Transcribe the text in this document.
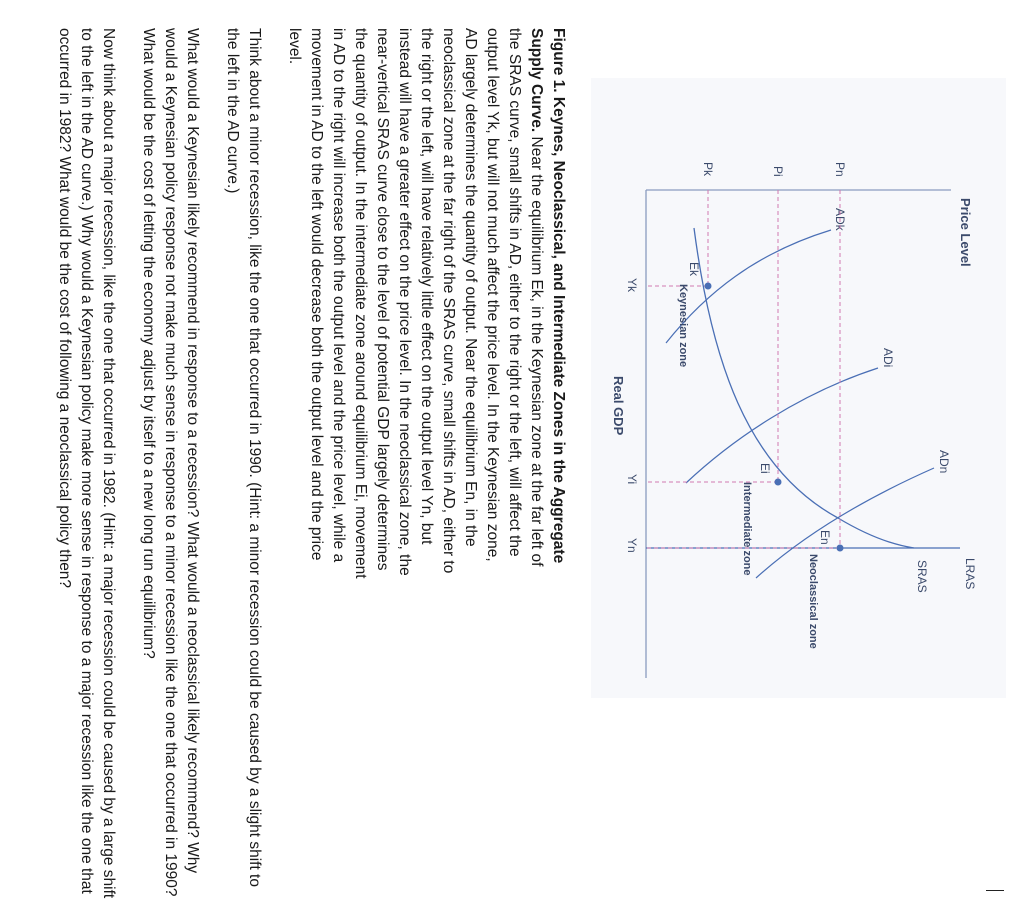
Price Level
Real GDP
LRAS
SRAS
ADk
ADi
ADn
En
Ei
Ek
Pn
Pi
Pk
Yk
Yi
Yn
Keynesian zone
Intermediate zone
Neoclassical zone

Figure 1. Keynes, Neoclassical, and Intermediate Zones in the Aggregate Supply Curve. Near the equilibrium Ek, in the Keynesian zone at the far left of the SRAS curve, small shifts in AD, either to the right or the left, will affect the output level Yk, but will not much affect the price level. In the Keynesian zone, AD largely determines the quantity of output. Near the equilibrium En, in the neoclassical zone at the far right of the SRAS curve, small shifts in AD, either to the right or the left, will have relatively little effect on the output level Yn, but instead will have a greater effect on the price level. In the neoclassical zone, the near-vertical SRAS curve close to the level of potential GDP largely determines the quantity of output. In the intermediate zone around equilibrium Ei, movement in AD to the right will increase both the output level and the price level, while a movement in AD to the left would decrease both the output level and the price level.

Think about a minor recession, like the one that occurred in 1990. (Hint: a minor recession could be caused by a slight shift to the left in the AD curve.)

What would a Keynesian likely recommend in response to a recession? What would a neoclassical likely recommend? Why would a Keynesian policy response not make much sense in response to a minor recession like the one that occurred in 1990? What would be the cost of letting the economy adjust by itself to a new long run equilibrium?

Now think about a major recession, like the one that occurred in 1982. (Hint: a major recession could be caused by a large shift to the left in the AD curve.) Why would a Keynesian policy make more sense in response to a major recession like the one that occurred in 1982? What would be the cost of following a neoclassical policy then?
